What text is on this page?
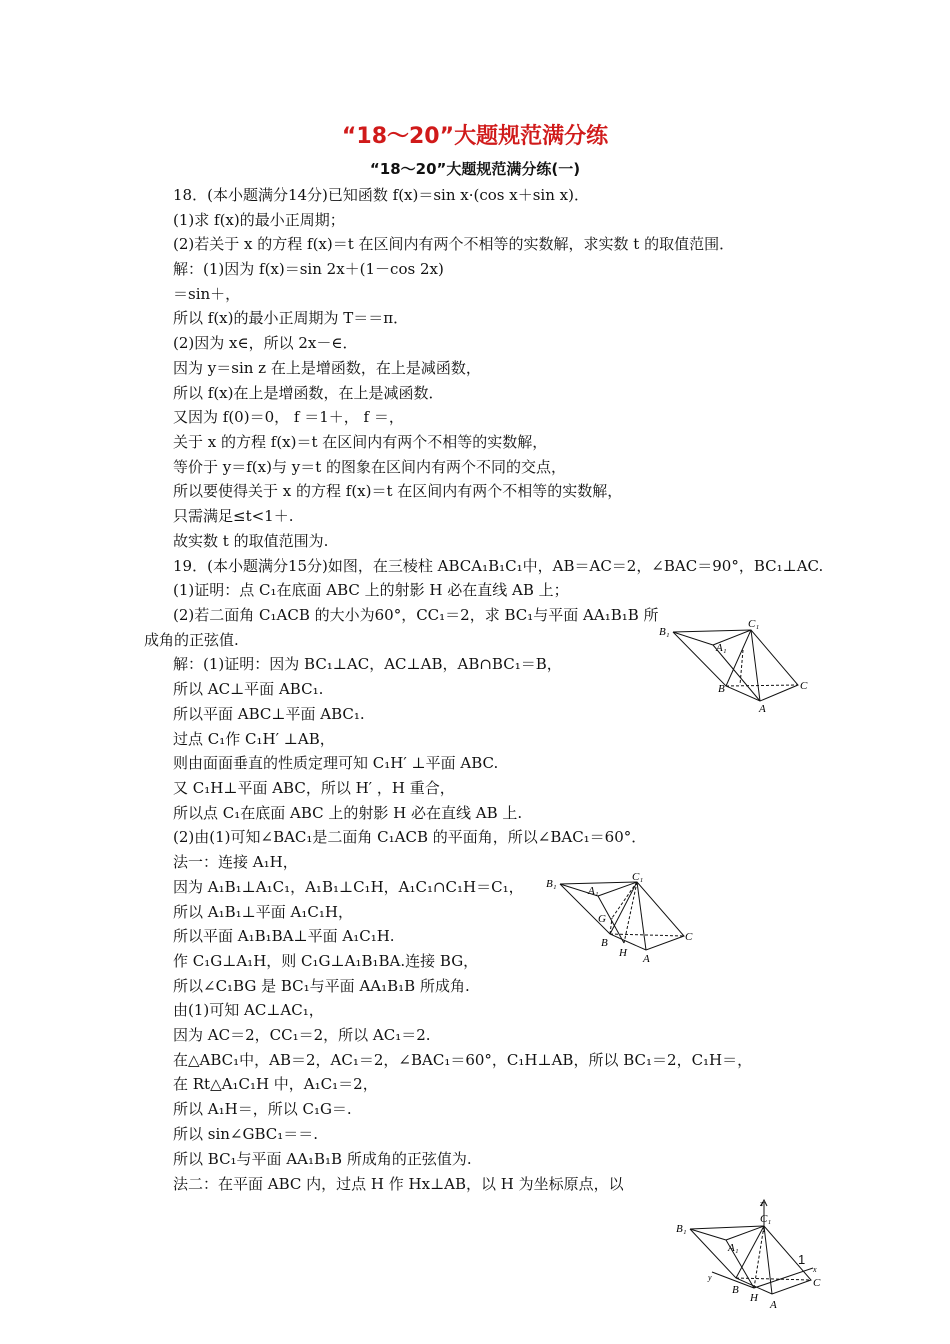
“18～20”大题规范满分练
“18～20”大题规范满分练(一)
18．(本小题满分14分)已知函数 f(x)＝sin x·(cos x＋sin x)．
(1)求 f(x)的最小正周期；
(2)若关于 x 的方程 f(x)＝t 在区间内有两个不相等的实数解，求实数 t 的取值范围．
解：(1)因为 f(x)＝sin 2x＋(1－cos 2x)
＝sin＋，
所以 f(x)的最小正周期为 T＝＝π．
(2)因为 x∈，所以 2x－∈．
因为 y＝sin z 在上是增函数，在上是减函数，
所以 f(x)在上是增函数，在上是减函数．
又因为 f(0)＝0， f ＝1＋， f ＝，
关于 x 的方程 f(x)＝t 在区间内有两个不相等的实数解，
等价于 y＝f(x)与 y＝t 的图象在区间内有两个不同的交点，
所以要使得关于 x 的方程 f(x)＝t 在区间内有两个不相等的实数解，
只需满足≤t<1＋.
故实数 t 的取值范围为.
19．(本小题满分15分)如图，在三棱柱 ABCA₁B₁C₁中，AB＝AC＝2，∠BAC＝90°，BC₁⊥AC.
(1)证明：点 C₁在底面 ABC 上的射影 H 必在直线 AB 上；
(2)若二面角 C₁ACB 的大小为60°，CC₁＝2，求 BC₁与平面 AA₁B₁B 所
成角的正弦值.
解：(1)证明：因为 BC₁⊥AC，AC⊥AB，AB∩BC₁＝B，
所以 AC⊥平面 ABC₁.
所以平面 ABC⊥平面 ABC₁.
过点 C₁作 C₁H′ ⊥AB，
则由面面垂直的性质定理可知 C₁H′ ⊥平面 ABC.
又 C₁H⊥平面 ABC，所以 H′ ，H 重合，
所以点 C₁在底面 ABC 上的射影 H 必在直线 AB 上.
(2)由(1)可知∠BAC₁是二面角 C₁ACB 的平面角，所以∠BAC₁＝60°．
法一：连接 A₁H，
因为 A₁B₁⊥A₁C₁，A₁B₁⊥C₁H，A₁C₁∩C₁H＝C₁，
所以 A₁B₁⊥平面 A₁C₁H，
所以平面 A₁B₁BA⊥平面 A₁C₁H.
作 C₁G⊥A₁H，则 C₁G⊥A₁B₁BA.连接 BG，
所以∠C₁BG 是 BC₁与平面 AA₁B₁B 所成角.
由(1)可知 AC⊥AC₁，
因为 AC＝2，CC₁＝2，所以 AC₁＝2.
在△ABC₁中，AB＝2，AC₁＝2，∠BAC₁＝60°，C₁H⊥AB，所以 BC₁＝2，C₁H＝，
在 Rt△A₁C₁H 中，A₁C₁＝2，
所以 A₁H＝，所以 C₁G＝.
所以 sin∠GBC₁＝＝.
所以 BC₁与平面 AA₁B₁B 所成角的正弦值为.
法二：在平面 ABC 内，过点 H 作 Hx⊥AB，以 H 为坐标原点，以
B₁
C₁
A₁
B	C
A
B₁
A₁
C₁
G
B
H A
C
z
B₁
C₁
A₁
y
x
B
H
C
A
1
